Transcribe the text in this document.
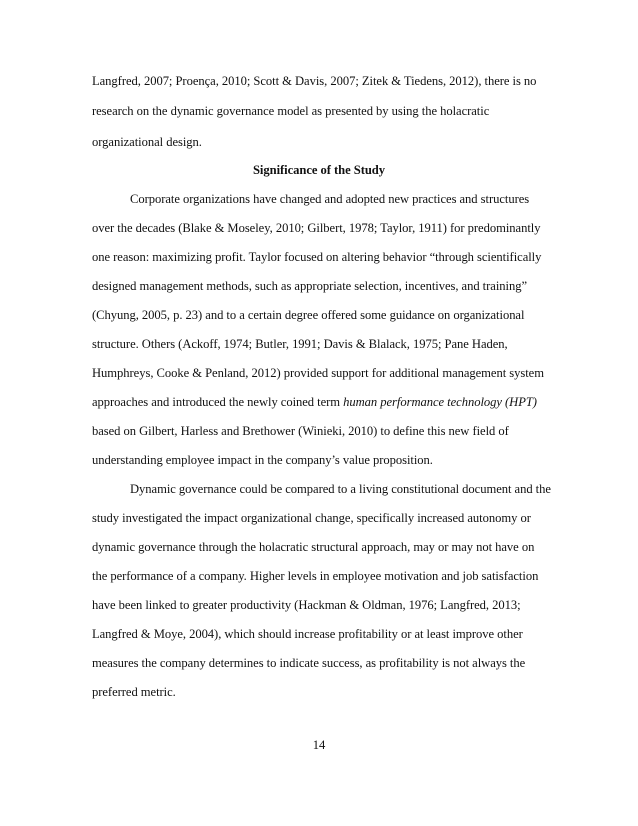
Langfred, 2007; Proença, 2010; Scott & Davis, 2007; Zitek & Tiedens, 2012), there is no
research on the dynamic governance model as presented by using the holacratic
organizational design.
Significance of the Study
Corporate organizations have changed and adopted new practices and structures
over the decades (Blake & Moseley, 2010; Gilbert, 1978; Taylor, 1911) for predominantly
one reason: maximizing profit. Taylor focused on altering behavior “through scientifically
designed management methods, such as appropriate selection, incentives, and training”
(Chyung, 2005, p. 23) and to a certain degree offered some guidance on organizational
structure. Others (Ackoff, 1974; Butler, 1991; Davis & Blalack, 1975; Pane Haden,
Humphreys, Cooke & Penland, 2012) provided support for additional management system
approaches and introduced the newly coined term human performance technology (HPT)
based on Gilbert, Harless and Brethower (Winieki, 2010) to define this new field of
understanding employee impact in the company’s value proposition.
Dynamic governance could be compared to a living constitutional document and the
study investigated the impact organizational change, specifically increased autonomy or
dynamic governance through the holacratic structural approach, may or may not have on
the performance of a company. Higher levels in employee motivation and job satisfaction
have been linked to greater productivity (Hackman & Oldman, 1976; Langfred, 2013;
Langfred & Moye, 2004), which should increase profitability or at least improve other
measures the company determines to indicate success, as profitability is not always the
preferred metric.
14
